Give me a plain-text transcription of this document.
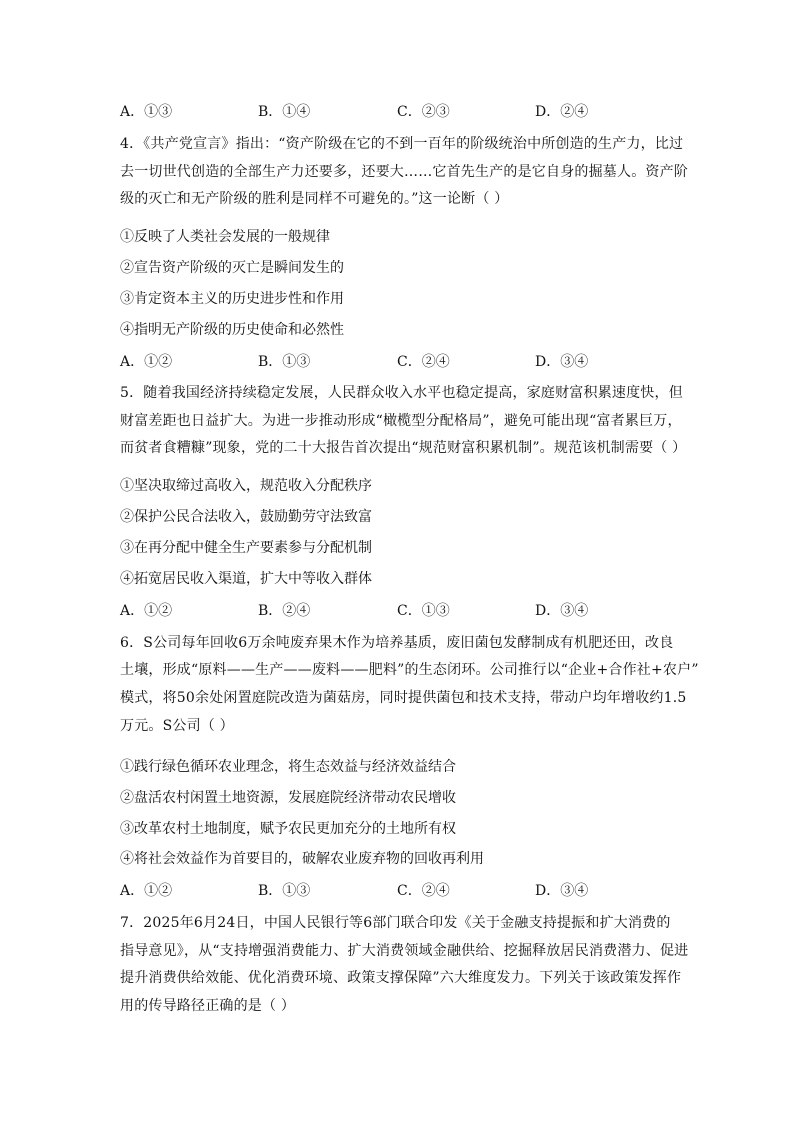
A．①③	B．①④	C．②③	D．②④
4．《共产党宣言》指出：“资产阶级在它的不到一百年的阶级统治中所创造的生产力，比过
去一切世代创造的全部生产力还要多，还要大……它首先生产的是它自身的掘墓人。资产阶
级的灭亡和无产阶级的胜利是同样不可避免的。”这一论断（ ）
①反映了人类社会发展的一般规律
②宣告资产阶级的灭亡是瞬间发生的
③肯定资本主义的历史进步性和作用
④指明无产阶级的历史使命和必然性
A．①②	B．①③	C．②④	D．③④
5．随着我国经济持续稳定发展，人民群众收入水平也稳定提高，家庭财富积累速度快，但
财富差距也日益扩大。为进一步推动形成“橄榄型分配格局”，避免可能出现“富者累巨万，
而贫者食糟糠”现象，党的二十大报告首次提出“规范财富积累机制”。规范该机制需要（ ）
①坚决取缔过高收入，规范收入分配秩序
②保护公民合法收入，鼓励勤劳守法致富
③在再分配中健全生产要素参与分配机制
④拓宽居民收入渠道，扩大中等收入群体
A．①②	B．②④	C．①③	D．③④
6．S公司每年回收6万余吨废弃果木作为培养基质，废旧菌包发酵制成有机肥还田，改良
土壤，形成“原料——生产——废料——肥料”的生态闭环。公司推行以“企业+合作社+农户”
模式，将50余处闲置庭院改造为菌菇房，同时提供菌包和技术支持，带动户均年增收约1.5
万元。S公司（ ）
①践行绿色循环农业理念，将生态效益与经济效益结合
②盘活农村闲置土地资源，发展庭院经济带动农民增收
③改革农村土地制度，赋予农民更加充分的土地所有权
④将社会效益作为首要目的，破解农业废弃物的回收再利用
A．①②	B．①③	C．②④	D．③④
7．2025年6月24日，中国人民银行等6部门联合印发《关于金融支持提振和扩大消费的
指导意见》，从“支持增强消费能力、扩大消费领域金融供给、挖掘释放居民消费潜力、促进
提升消费供给效能、优化消费环境、政策支撑保障”六大维度发力。下列关于该政策发挥作
用的传导路径正确的是（ ）
